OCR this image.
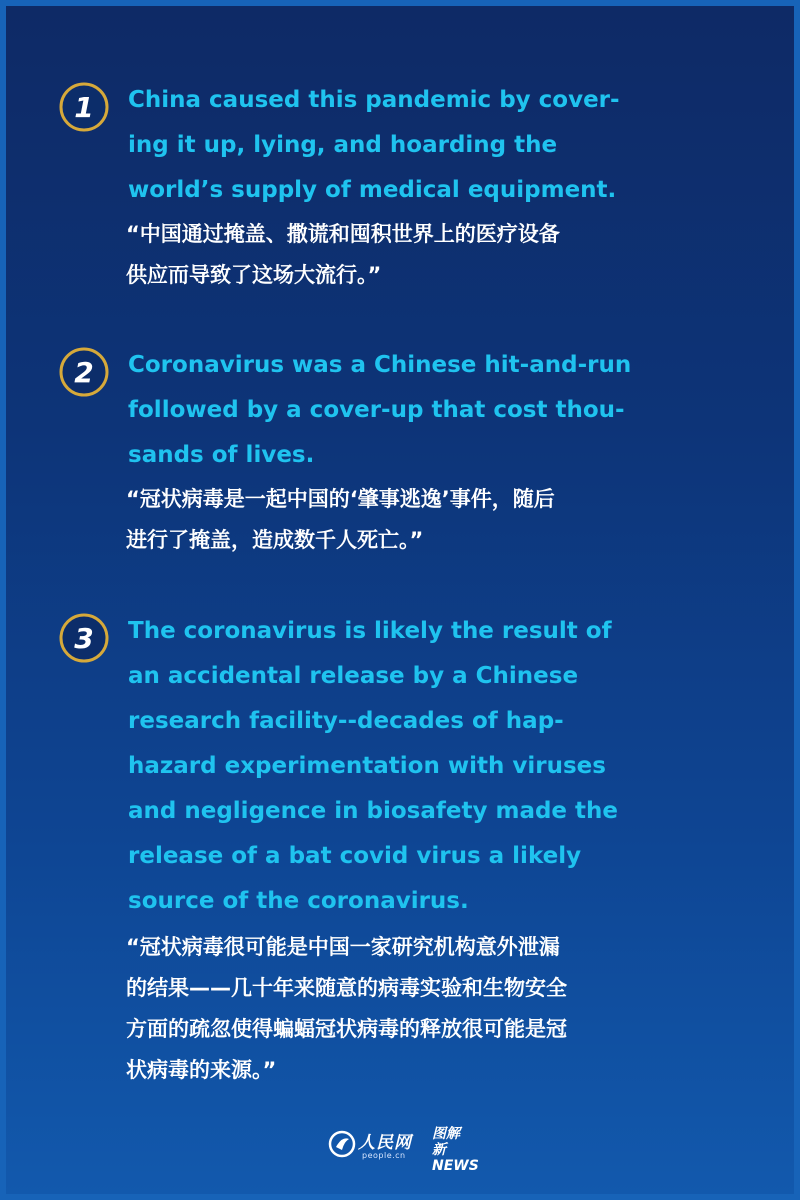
1 China caused this pandemic by cover-
ing it up, lying, and hoarding the
world’s supply of medical equipment.

“中国通过掩盖、撒谎和囤积世界上的医疗设备
供应而导致了这场大流行。”

2 Coronavirus was a Chinese hit-and-run
followed by a cover-up that cost thou-
sands of lives.

“冠状病毒是一起中国的‘肇事逃逸’事件，随后
进行了掩盖，造成数千人死亡。”

3 The coronavirus is likely the result of
an accidental release by a Chinese
research facility--decades of hap-
hazard experimentation with viruses
and negligence in biosafety made the
release of a bat covid virus a likely
source of the coronavirus.

“冠状病毒很可能是中国一家研究机构意外泄漏
的结果——几十年来随意的病毒实验和生物安全
方面的疏忽使得蝙蝠冠状病毒的释放很可能是冠
状病毒的来源。”

人民网
people.cn
图解
新NEWS
